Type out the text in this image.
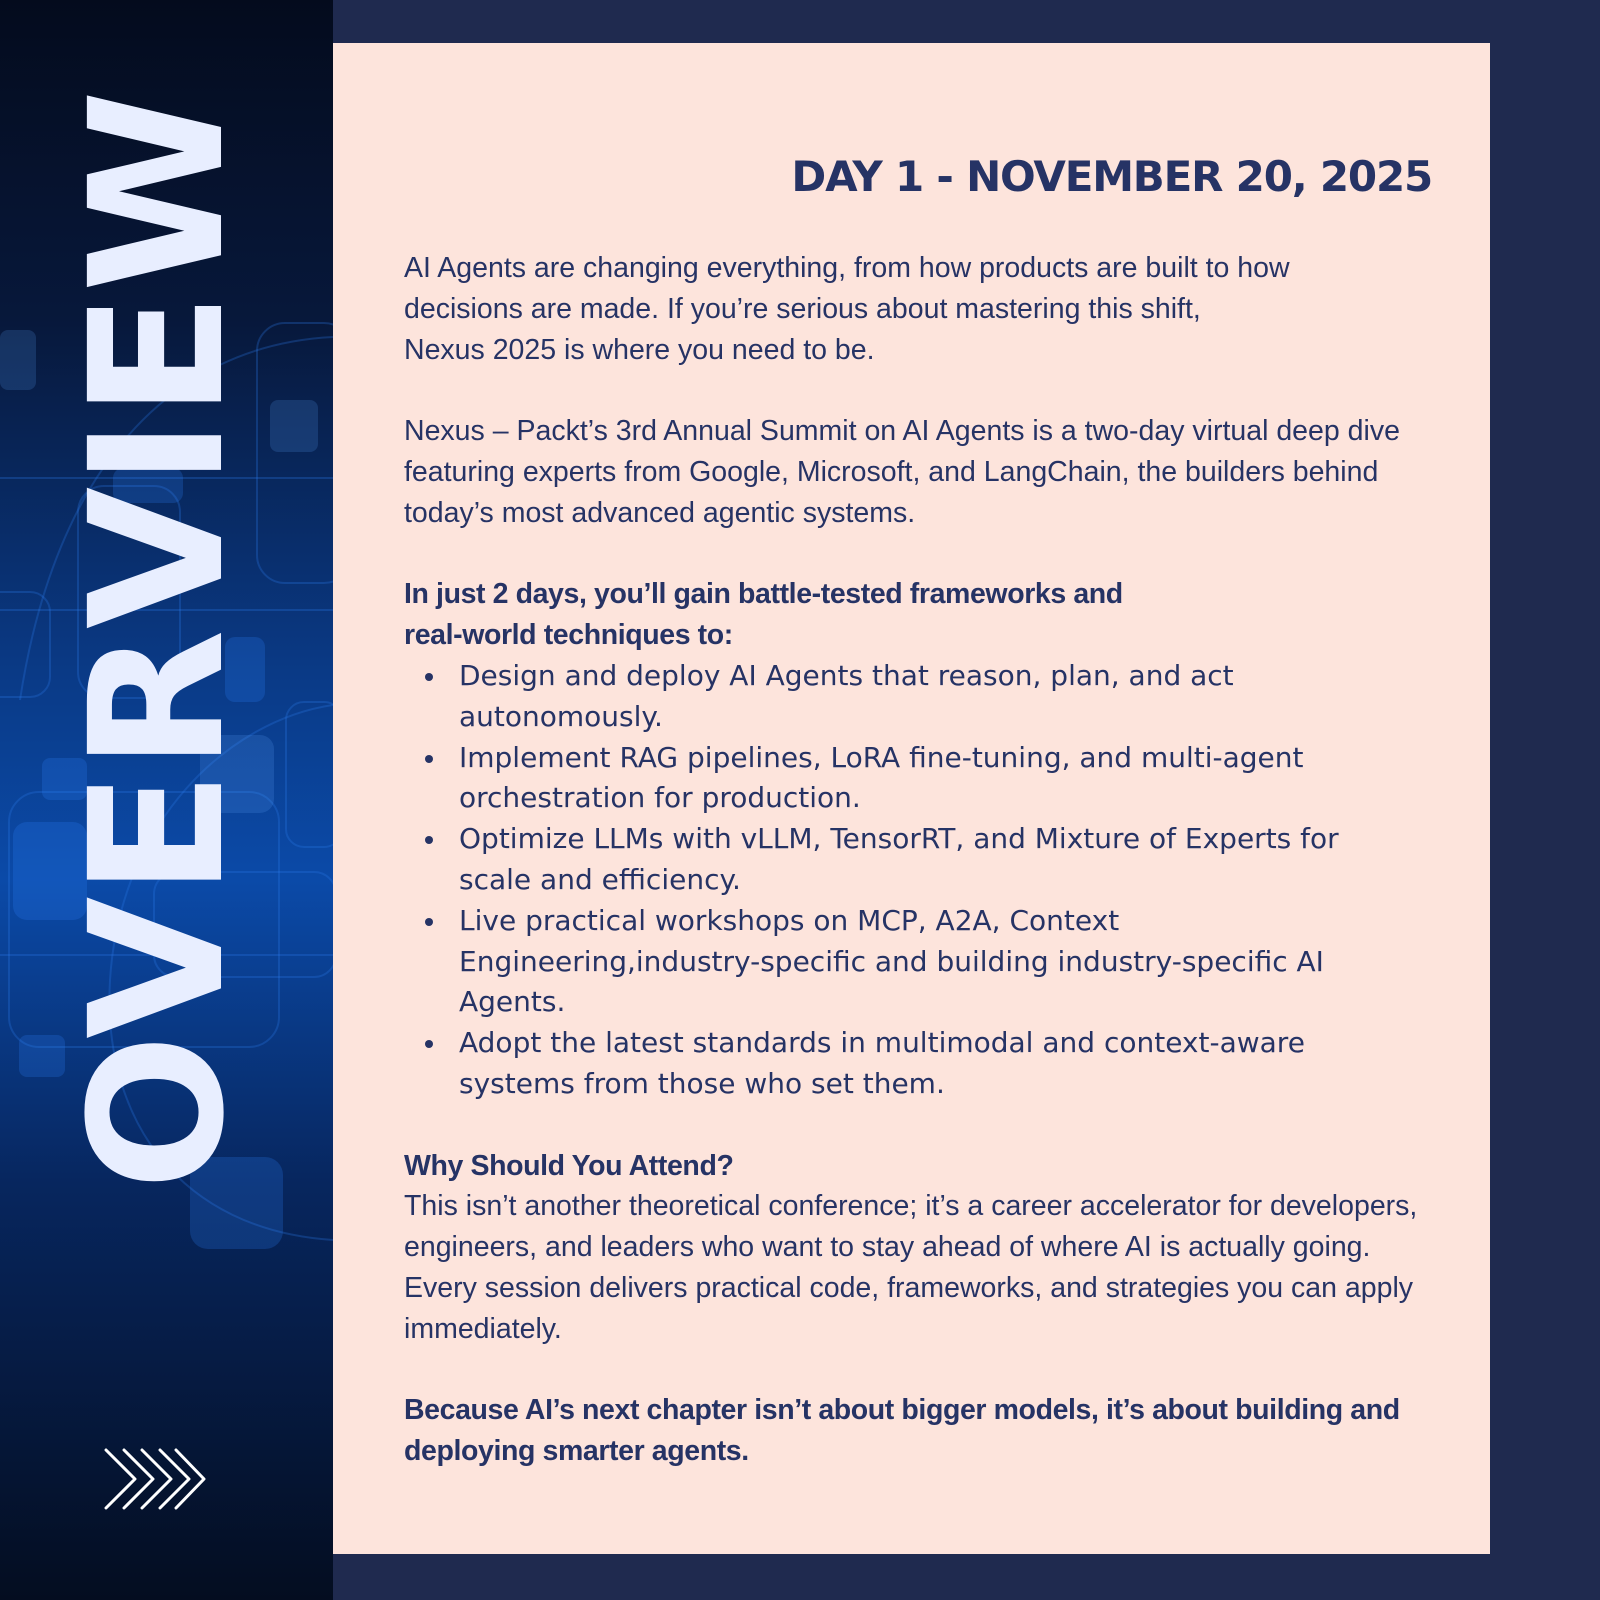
OVERVIEW	DAY 1 - NOVEMBER 20, 2025

AI Agents are changing everything, from how products are built to how
decisions are made. If you’re serious about mastering this shift,
Nexus 2025 is where you need to be.

Nexus – Packt’s 3rd Annual Summit on AI Agents is a two-day virtual deep dive featuring experts from Google, Microsoft, and LangChain, the builders behind today’s most advanced agentic systems.

In just 2 days, you’ll gain battle-tested frameworks and
real-world techniques to:

Design and deploy AI Agents that reason, plan, and act autonomously.
Implement RAG pipelines, LoRA fine-tuning, and multi-agent orchestration for production.
Optimize LLMs with vLLM, TensorRT, and Mixture of Experts for scale and efficiency.
Live practical workshops on MCP, A2A, Context Engineering,industry-specific and building industry-specific AI Agents.
Adopt the latest standards in multimodal and context-aware systems from those who set them.

Why Should You Attend?

This isn’t another theoretical conference; it’s a career accelerator for developers, engineers, and leaders who want to stay ahead of where AI is actually going. Every session delivers practical code, frameworks, and strategies you can apply immediately.

Because AI’s next chapter isn’t about bigger models, it’s about building and deploying smarter agents.
